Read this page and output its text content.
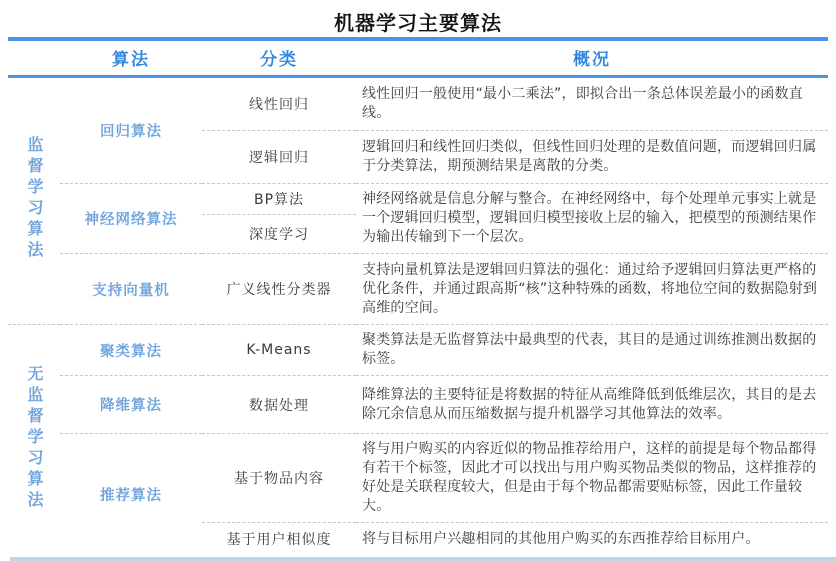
机器学习主要算法
	算法	分类	概况
监督学习算法	回归算法	线性回归	线性回归一般使用“最小二乘法”，即拟合出一条总体误差最小的函数直线。
		逻辑回归	逻辑回归和线性回归类似，但线性回归处理的是数值问题，而逻辑回归属于分类算法，期预测结果是离散的分类。
	神经网络算法	BP算法	神经网络就是信息分解与整合。在神经网络中，每个处理单元事实上就是一个逻辑回归模型，逻辑回归模型接收上层的输入，把模型的预测结果作为输出传输到下一个层次。
		深度学习	
	支持向量机	广义线性分类器	支持向量机算法是逻辑回归算法的强化：通过给予逻辑回归算法更严格的优化条件，并通过跟高斯“核”这种特殊的函数，将地位空间的数据隐射到高维的空间。
无监督学习算法	聚类算法	K-Means	聚类算法是无监督算法中最典型的代表，其目的是通过训练推测出数据的标签。
	降维算法	数据处理	降维算法的主要特征是将数据的特征从高维降低到低维层次，其目的是去除冗余信息从而压缩数据与提升机器学习其他算法的效率。
	推荐算法	基于物品内容	将与用户购买的内容近似的物品推荐给用户，这样的前提是每个物品都得有若干个标签，因此才可以找出与用户购买物品类似的物品，这样推荐的好处是关联程度较大，但是由于每个物品都需要贴标签，因此工作量较大。
		基于用户相似度	将与目标用户兴趣相同的其他用户购买的东西推荐给目标用户。
